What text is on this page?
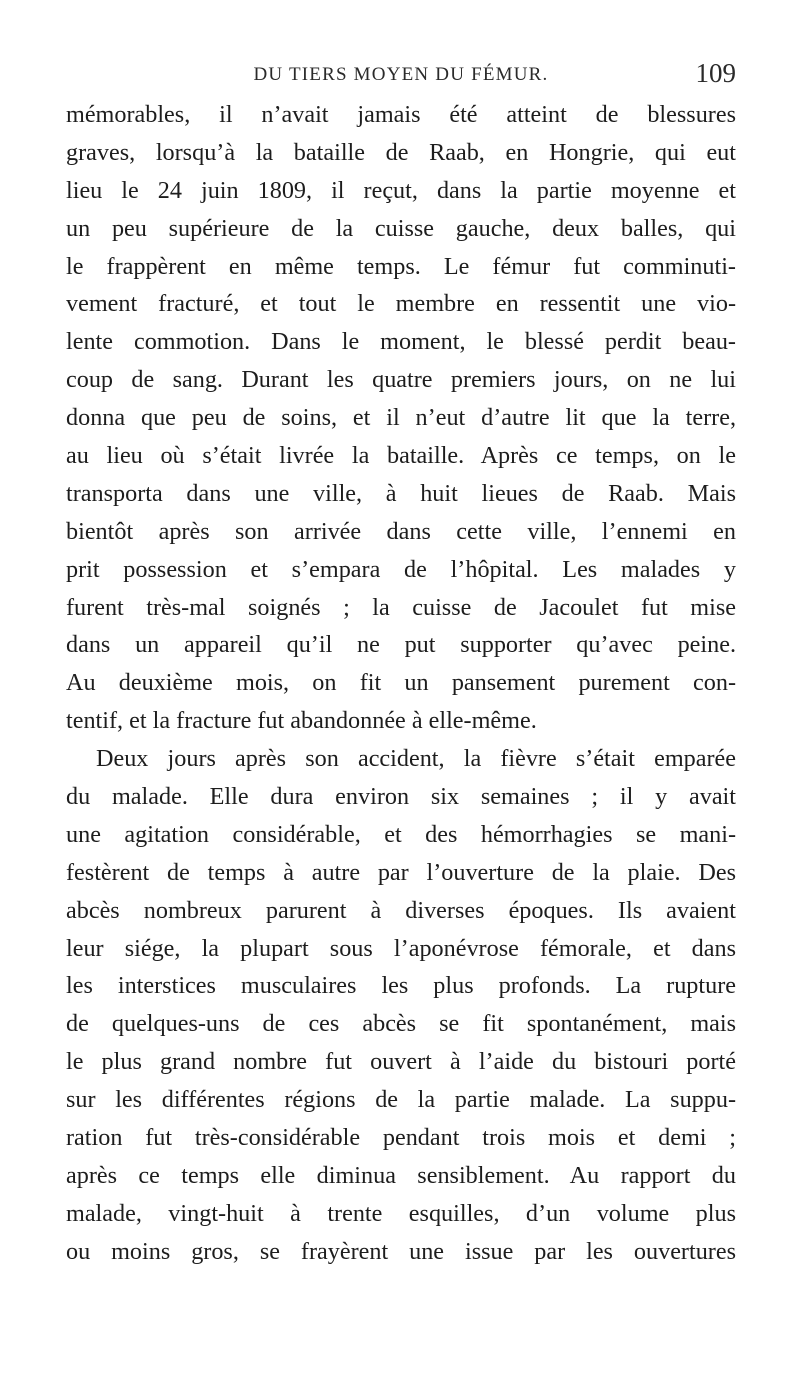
DU TIERS MOYEN DU FÉMUR.	109
mémorables, il n’avait jamais été atteint de blessures
graves, lorsqu’à la bataille de Raab, en Hongrie, qui eut
lieu le 24 juin 1809, il reçut, dans la partie moyenne et
un peu supérieure de la cuisse gauche, deux balles, qui
le frappèrent en même temps. Le fémur fut comminuti-
vement fracturé, et tout le membre en ressentit une vio-
lente commotion. Dans le moment, le blessé perdit beau-
coup de sang. Durant les quatre premiers jours, on ne lui
donna que peu de soins, et il n’eut d’autre lit que la terre,
au lieu où s’était livrée la bataille. Après ce temps, on le
transporta dans une ville, à huit lieues de Raab. Mais
bientôt après son arrivée dans cette ville, l’ennemi en
prit possession et s’empara de l’hôpital. Les malades y
furent très-mal soignés ; la cuisse de Jacoulet fut mise
dans un appareil qu’il ne put supporter qu’avec peine.
Au deuxième mois, on fit un pansement purement con-
tentif, et la fracture fut abandonnée à elle-même.
Deux jours après son accident, la fièvre s’était emparée
du malade. Elle dura environ six semaines ; il y avait
une agitation considérable, et des hémorrhagies se mani-
festèrent de temps à autre par l’ouverture de la plaie. Des
abcès nombreux parurent à diverses époques. Ils avaient
leur siége, la plupart sous l’aponévrose fémorale, et dans
les interstices musculaires les plus profonds. La rupture
de quelques-uns de ces abcès se fit spontanément, mais
le plus grand nombre fut ouvert à l’aide du bistouri porté
sur les différentes régions de la partie malade. La suppu-
ration fut très-considérable pendant trois mois et demi ;
après ce temps elle diminua sensiblement. Au rapport du
malade, vingt-huit à trente esquilles, d’un volume plus
ou moins gros, se frayèrent une issue par les ouvertures
